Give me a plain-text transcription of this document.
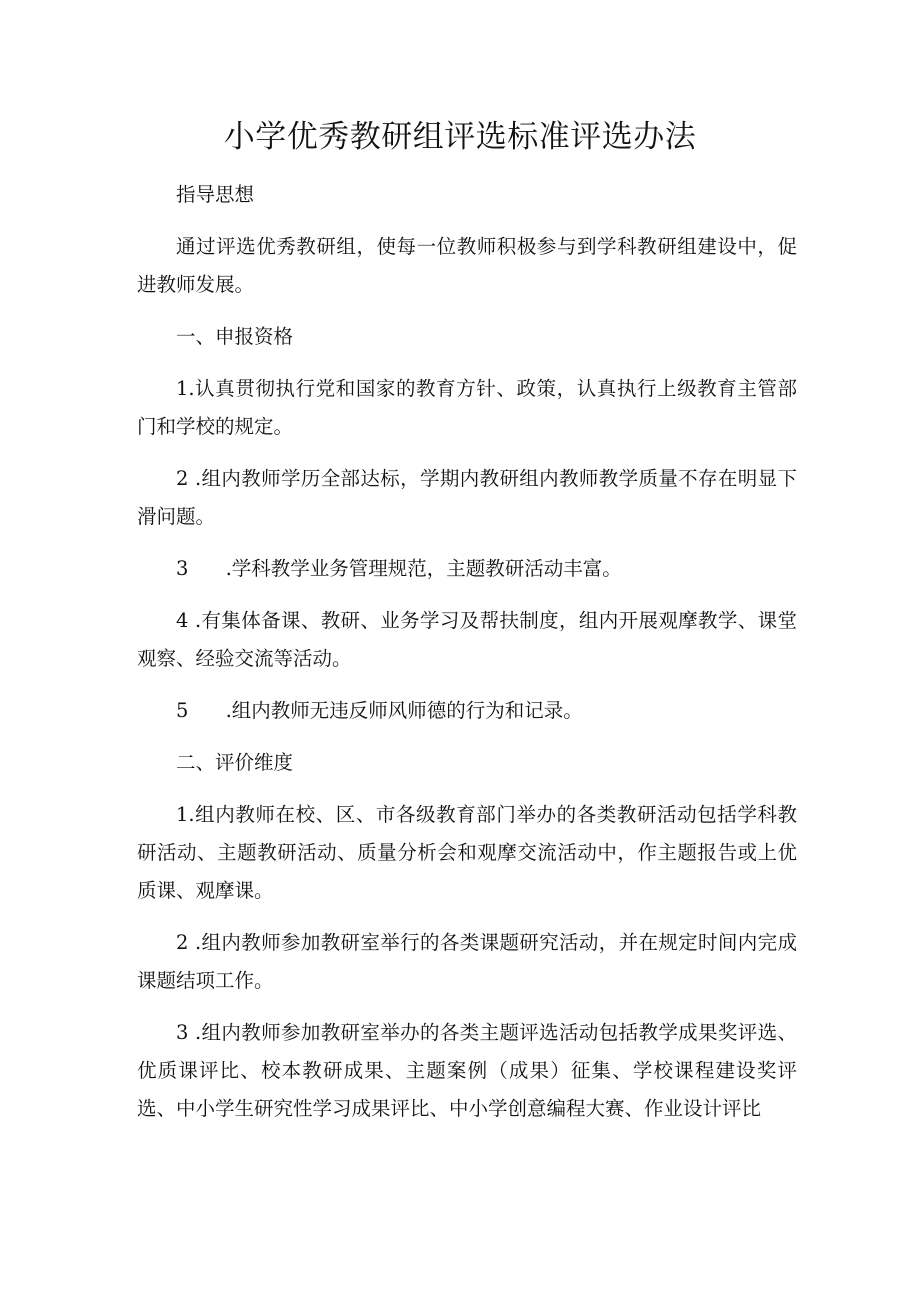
小学优秀教研组评选标准评选办法

指导思想

通过评选优秀教研组，使每一位教师积极参与到学科教研组建设中，促进教师发展。

一、申报资格

1.认真贯彻执行党和国家的教育方针、政策，认真执行上级教育主管部门和学校的规定。

2 .组内教师学历全部达标，学期内教研组内教师教学质量不存在明显下滑问题。

3      .学科教学业务管理规范，主题教研活动丰富。

4 .有集体备课、教研、业务学习及帮扶制度，组内开展观摩教学、课堂观察、经验交流等活动。

5      .组内教师无违反师风师德的行为和记录。

二、评价维度

1.组内教师在校、区、市各级教育部门举办的各类教研活动包括学科教研活动、主题教研活动、质量分析会和观摩交流活动中，作主题报告或上优质课、观摩课。

2 .组内教师参加教研室举行的各类课题研究活动，并在规定时间内完成课题结项工作。

3 .组内教师参加教研室举办的各类主题评选活动包括教学成果奖评选、优质课评比、校本教研成果、主题案例（成果）征集、学校课程建设奖评选、中小学生研究性学习成果评比、中小学创意编程大赛、作业设计评比
